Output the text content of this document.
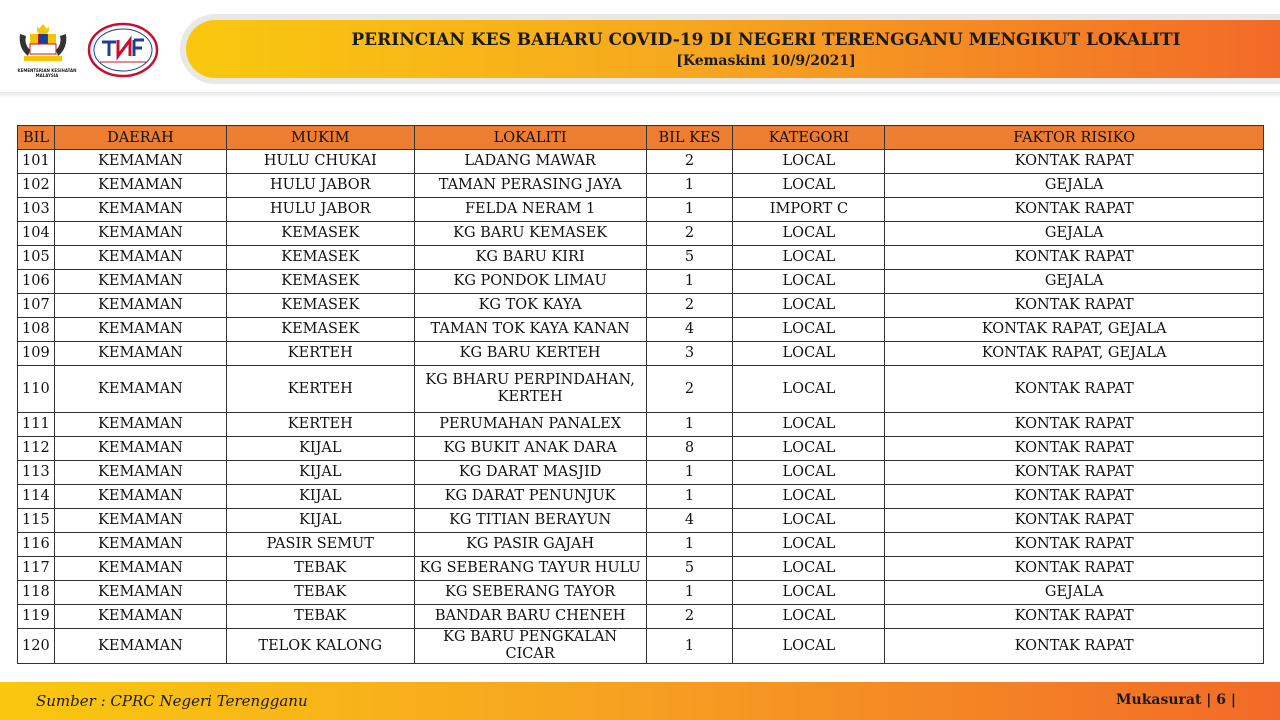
KEMENTERIAN KESIHATAN MALAYSIA
PERINCIAN KES BAHARU COVID-19 DI NEGERI TERENGGANU MENGIKUT LOKALITI

[Kemaskini 10/9/2021]

BIL	DAERAH	MUKIM	LOKALITI	BIL KES	KATEGORI	FAKTOR RISIKO
101	KEMAMAN	HULU CHUKAI	LADANG MAWAR	2	LOCAL	KONTAK RAPAT
102	KEMAMAN	HULU JABOR	TAMAN PERASING JAYA	1	LOCAL	GEJALA
103	KEMAMAN	HULU JABOR	FELDA NERAM 1	1	IMPORT C	KONTAK RAPAT
104	KEMAMAN	KEMASEK	KG BARU KEMASEK	2	LOCAL	GEJALA
105	KEMAMAN	KEMASEK	KG BARU KIRI	5	LOCAL	KONTAK RAPAT
106	KEMAMAN	KEMASEK	KG PONDOK LIMAU	1	LOCAL	GEJALA
107	KEMAMAN	KEMASEK	KG TOK KAYA	2	LOCAL	KONTAK RAPAT
108	KEMAMAN	KEMASEK	TAMAN TOK KAYA KANAN	4	LOCAL	KONTAK RAPAT, GEJALA
109	KEMAMAN	KERTEH	KG BARU KERTEH	3	LOCAL	KONTAK RAPAT, GEJALA
110	KEMAMAN	KERTEH	KG BHARU PERPINDAHAN, KERTEH	2	LOCAL	KONTAK RAPAT
111	KEMAMAN	KERTEH	PERUMAHAN PANALEX	1	LOCAL	KONTAK RAPAT
112	KEMAMAN	KIJAL	KG BUKIT ANAK DARA	8	LOCAL	KONTAK RAPAT
113	KEMAMAN	KIJAL	KG DARAT MASJID	1	LOCAL	KONTAK RAPAT
114	KEMAMAN	KIJAL	KG DARAT PENUNJUK	1	LOCAL	KONTAK RAPAT
115	KEMAMAN	KIJAL	KG TITIAN BERAYUN	4	LOCAL	KONTAK RAPAT
116	KEMAMAN	PASIR SEMUT	KG PASIR GAJAH	1	LOCAL	KONTAK RAPAT
117	KEMAMAN	TEBAK	KG SEBERANG TAYUR HULU	5	LOCAL	KONTAK RAPAT
118	KEMAMAN	TEBAK	KG SEBERANG TAYOR	1	LOCAL	GEJALA
119	KEMAMAN	TEBAK	BANDAR BARU CHENEH	2	LOCAL	KONTAK RAPAT
120	KEMAMAN	TELOK KALONG	KG BARU PENGKALAN CICAR	1	LOCAL	KONTAK RAPAT

Sumber : CPRC Negeri Terengganu	Mukasurat | 6 |
